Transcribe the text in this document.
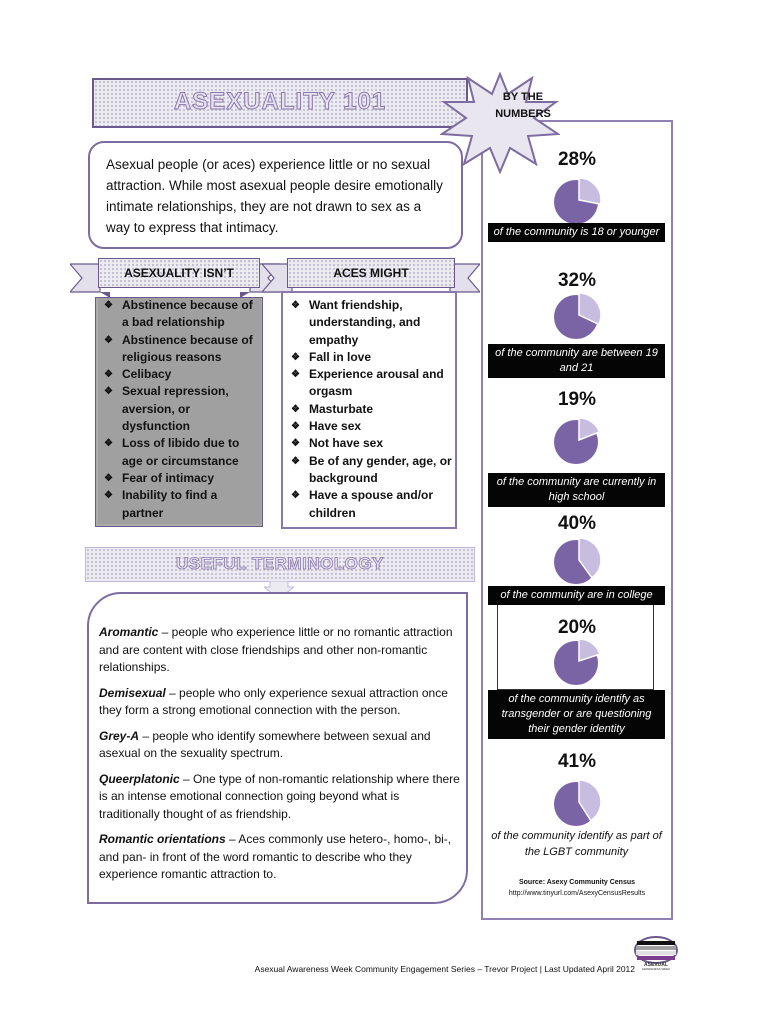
ASEXUALITY 101	BY THE NUMBERS
28%
of the community is 18 or younger
32%
of the community are between 19 and 21
19%
of the community are currently in high school
40%
of the community are in college
20%
of the community identify as transgender or are questioning their gender identity
41%
of the community identify as part of the LGBT community
Source: Asexy Community Census
http://www.tinyurl.com/AsexyCensusResults
Asexual people (or aces) experience little or no sexual attraction. While most asexual people desire emotionally intimate relationships, they are not drawn to sex as a way to express that intimacy.
ASEXUALITY ISN’T	ACES MIGHT
❖ Abstinence because of a bad relationship
❖ Abstinence because of religious reasons
❖ Celibacy
❖ Sexual repression, aversion, or dysfunction
❖ Loss of libido due to age or circumstance
❖ Fear of intimacy
❖ Inability to find a partner
❖ Want friendship, understanding, and empathy
❖ Fall in love
❖ Experience arousal and orgasm
❖ Masturbate
❖ Have sex
❖ Not have sex
❖ Be of any gender, age, or background
❖ Have a spouse and/or children
USEFUL TERMINOLOGY
Aromantic – people who experience little or no romantic attraction and are content with close friendships and other non-romantic relationships.
Demisexual – people who only experience sexual attraction once they form a strong emotional connection with the person.
Grey-A – people who identify somewhere between sexual and asexual on the sexuality spectrum.
Queerplatonic – One type of non-romantic relationship where there is an intense emotional connection going beyond what is traditionally thought of as friendship.
Romantic orientations – Aces commonly use hetero-, homo-, bi-, and pan- in front of the word romantic to describe who they experience romantic attraction to.
Asexual Awareness Week Community Engagement Series – Trevor Project | Last Updated April 2012 ASEXUAL
AWARENESS WEEK
